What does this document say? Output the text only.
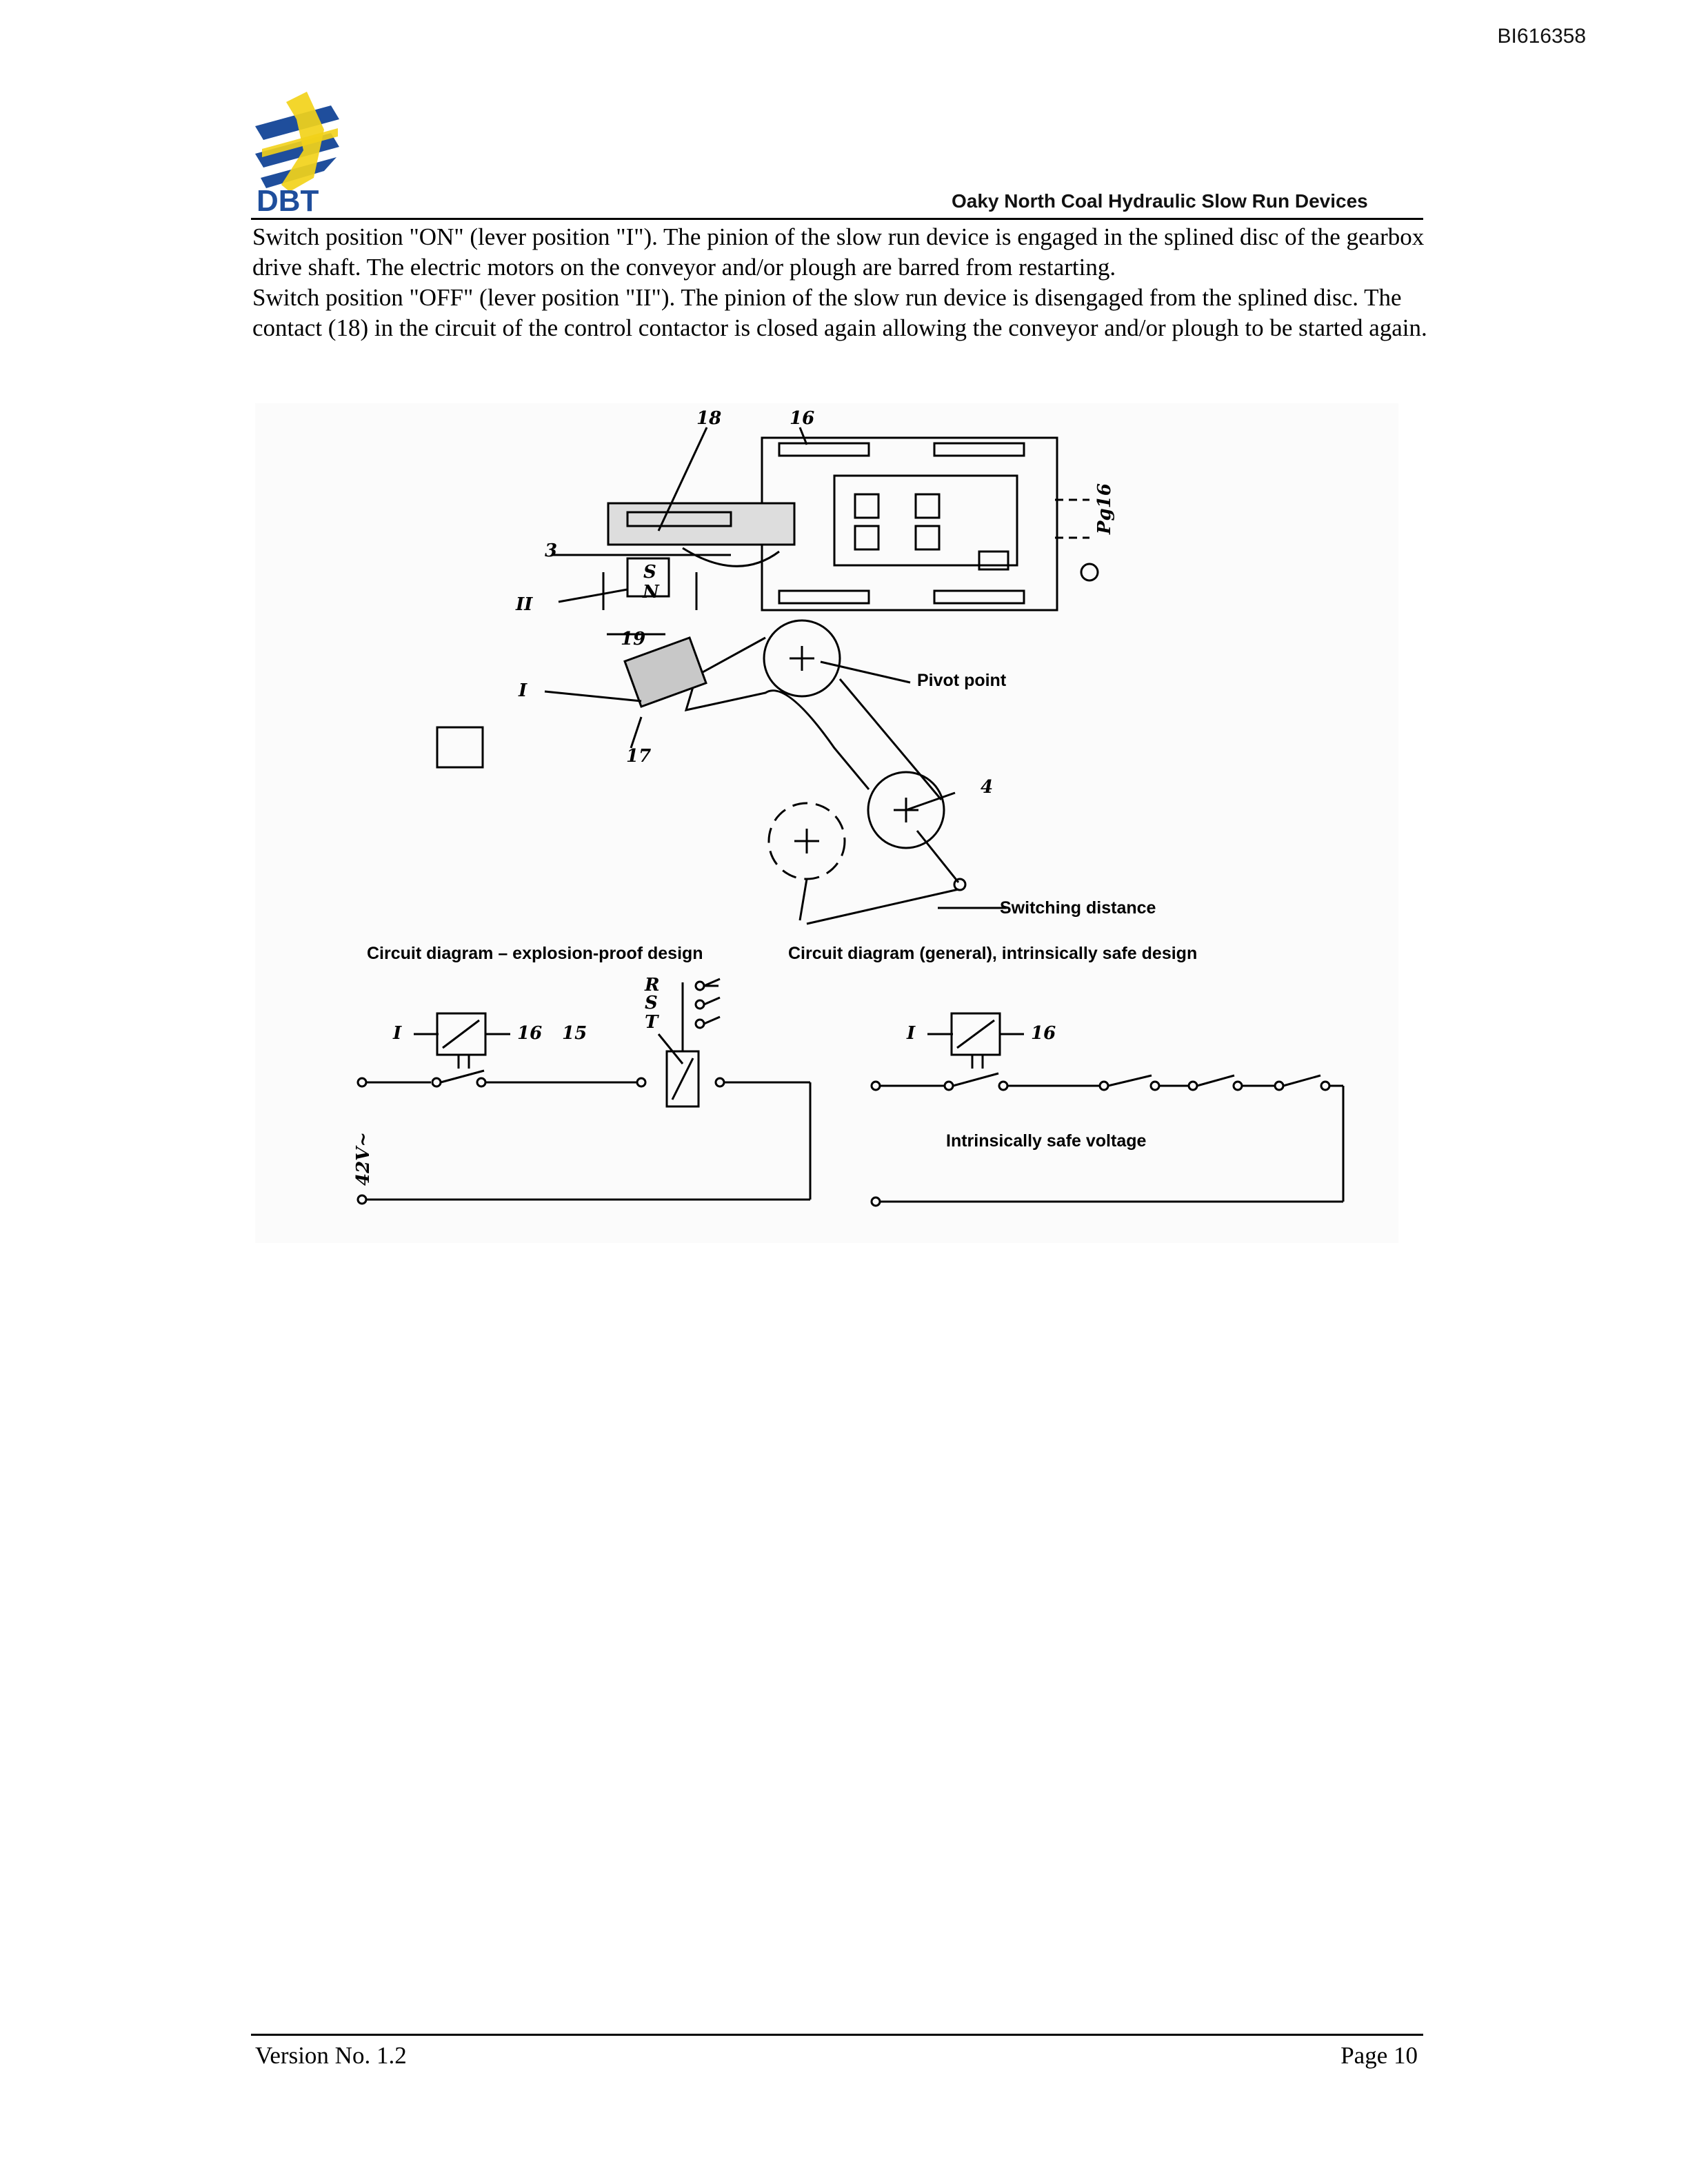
BI616358
DBT	Oaky North Coal Hydraulic Slow Run Devices

Switch position "ON" (lever position "I"). The pinion of the slow run device is engaged in the splined disc of the gearbox drive shaft. The electric motors on the conveyor and/or plough are barred from restarting.

Switch position "OFF" (lever position "II"). The pinion of the slow run device is disengaged from the splined disc. The contact (18) in the circuit of the control contactor is closed again allowing the conveyor and/or plough to be started again.

Pivot point
Switching distance
Circuit diagram – explosion-proof design	Circuit diagram (general), intrinsically safe design
Intrinsically safe voltage
18	16
3
Pg16
II
19
S
N
I
17
4
R
S
T
I	16 15	I	16
42V~
Version No. 1.2	Page 10
